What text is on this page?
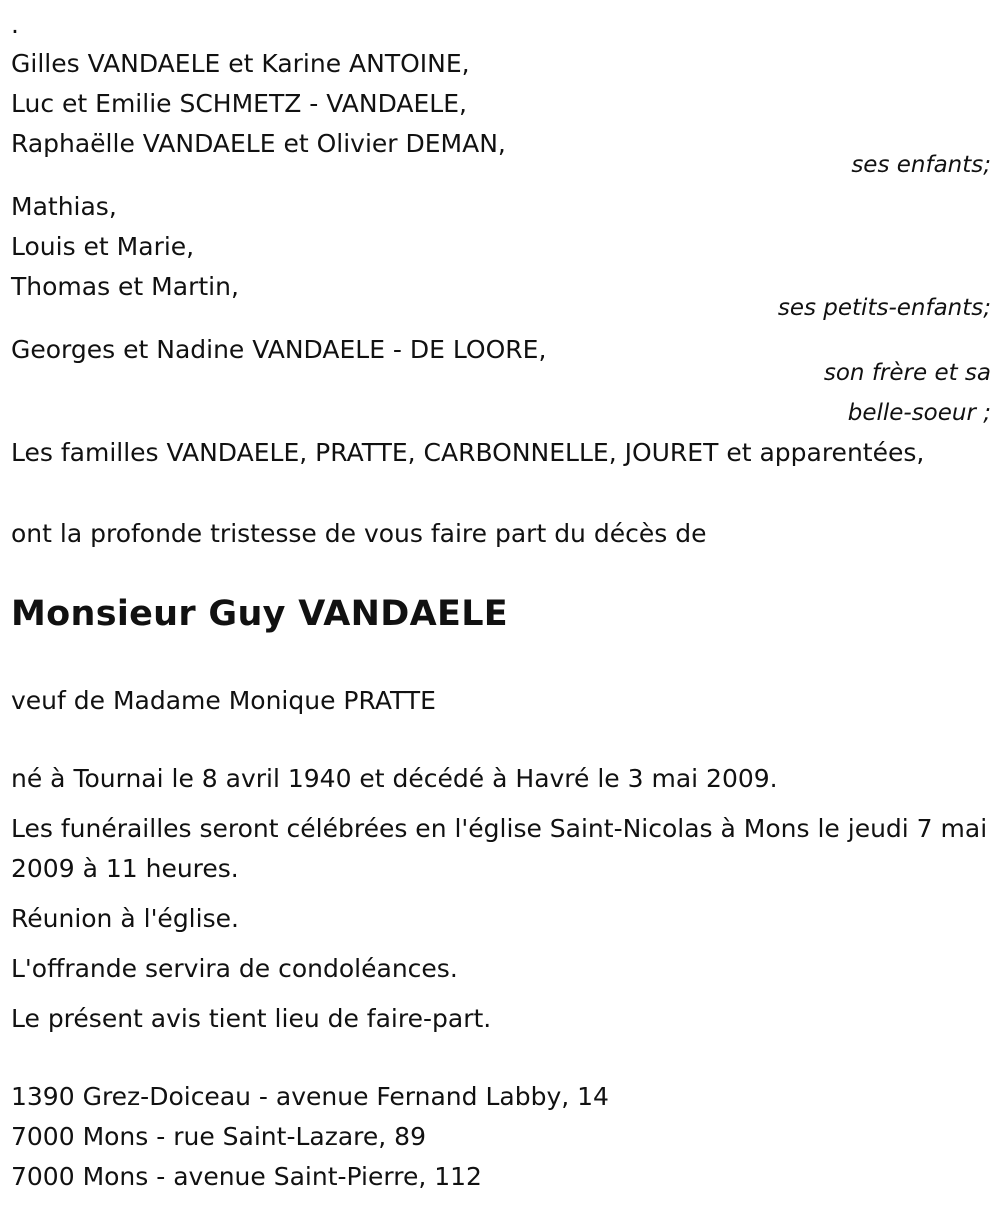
.
Gilles VANDAELE et Karine ANTOINE,
Luc et Emilie SCHMETZ - VANDAELE,
Raphaëlle VANDAELE et Olivier DEMAN,
ses enfants;
Mathias,
Louis et Marie,
Thomas et Martin,
ses petits-enfants;
Georges et Nadine VANDAELE - DE LOORE,
son frère et sa
belle-soeur ;
Les familles VANDAELE, PRATTE, CARBONNELLE, JOURET et apparentées,
ont la profonde tristesse de vous faire part du décès de
Monsieur Guy VANDAELE
veuf de Madame Monique PRATTE
né à Tournai le 8 avril 1940 et décédé à Havré le 3 mai 2009.
Les funérailles seront célébrées en l'église Saint-Nicolas à Mons le jeudi 7 mai 2009 à 11 heures.
Réunion à l'église.
L'offrande servira de condoléances.
Le présent avis tient lieu de faire-part.
1390 Grez-Doiceau - avenue Fernand Labby, 14
7000 Mons - rue Saint-Lazare, 89
7000 Mons - avenue Saint-Pierre, 112
